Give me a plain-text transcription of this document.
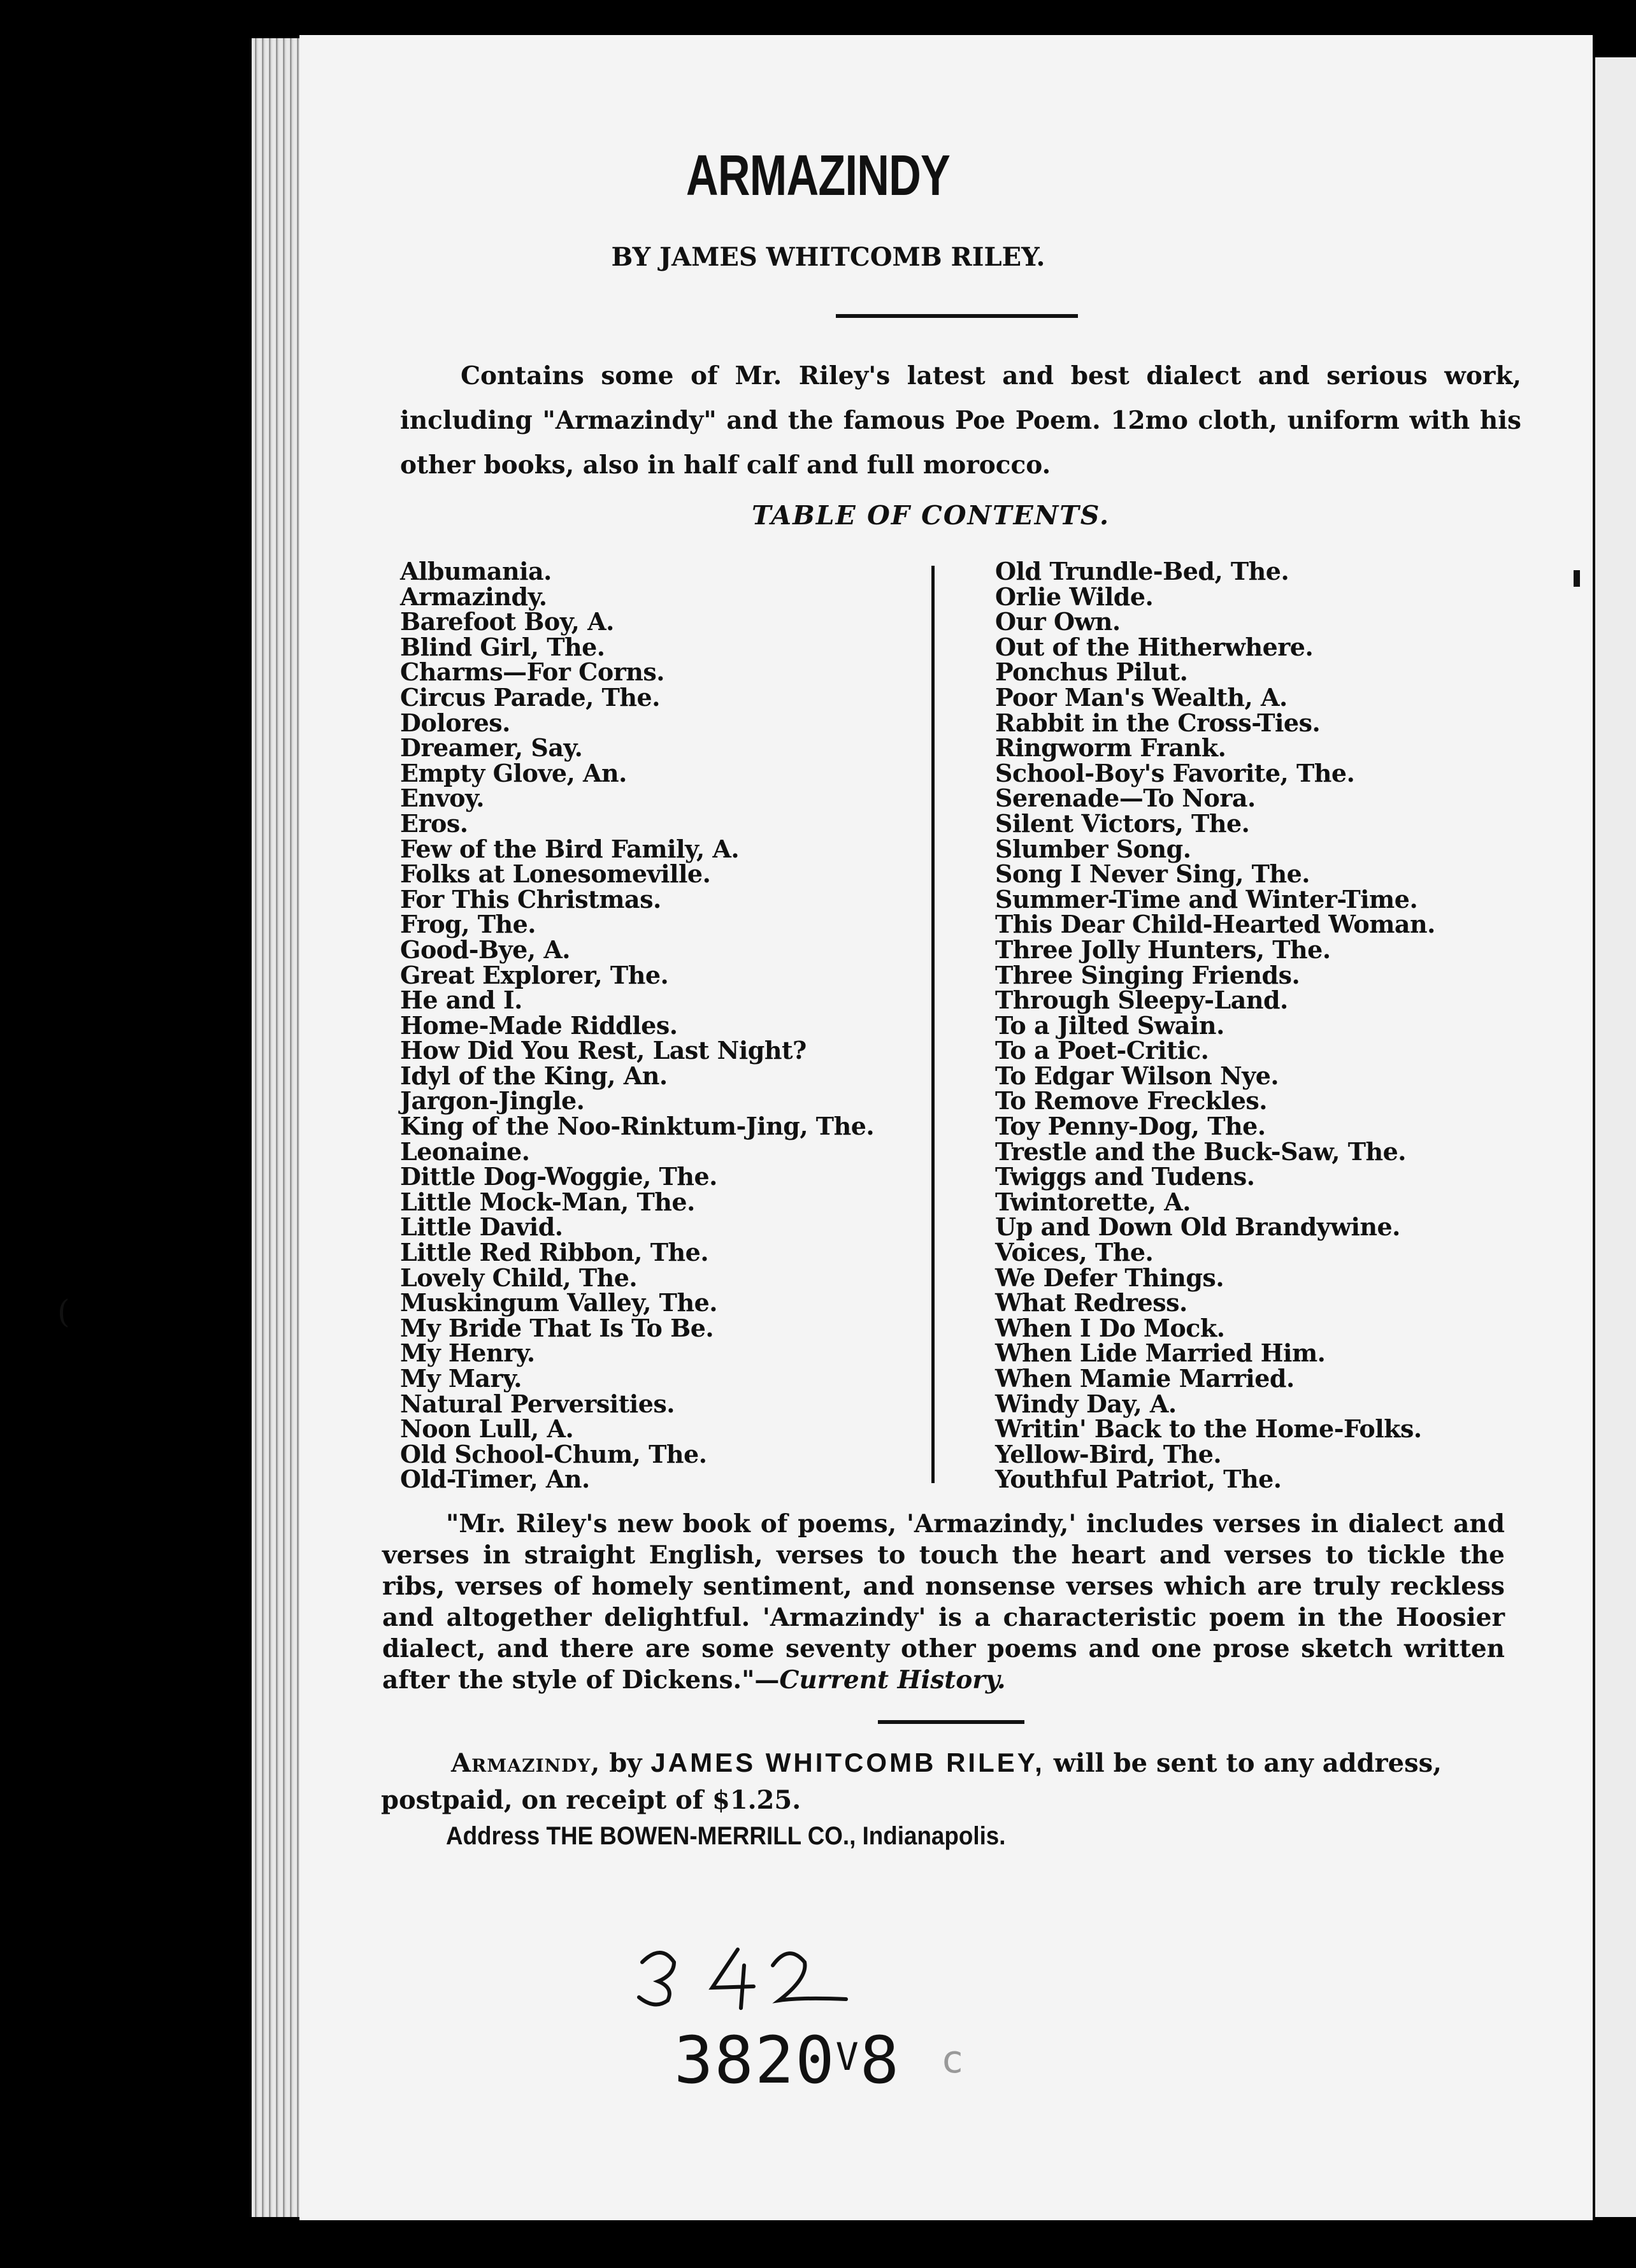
(
ARMAZINDY
BY JAMES WHITCOMB RILEY.
Contains some of Mr. Riley's latest and best dialect and serious work, including "Armazindy" and the famous Poe Poem. 12mo cloth, uniform with his other books, also in half calf and full morocco.
TABLE OF CONTENTS.
Albumania.
Armazindy.
Barefoot Boy, A.
Blind Girl, The.
Charms—For Corns.
Circus Parade, The.
Dolores.
Dreamer, Say.
Empty Glove, An.
Envoy.
Eros.
Few of the Bird Family, A.
Folks at Lonesomeville.
For This Christmas.
Frog, The.
Good-Bye, A.
Great Explorer, The.
He and I.
Home-Made Riddles.
How Did You Rest, Last Night?
Idyl of the King, An.
Jargon-Jingle.
King of the Noo-Rinktum-Jing, The.
Leonaine.
Dittle Dog-Woggie, The.
Little Mock-Man, The.
Little David.
Little Red Ribbon, The.
Lovely Child, The.
Muskingum Valley, The.
My Bride That Is To Be.
My Henry.
My Mary.
Natural Perversities.
Noon Lull, A.
Old School-Chum, The.
Old-Timer, An.
Old Trundle-Bed, The.
Orlie Wilde.
Our Own.
Out of the Hitherwhere.
Ponchus Pilut.
Poor Man's Wealth, A.
Rabbit in the Cross-Ties.
Ringworm Frank.
School-Boy's Favorite, The.
Serenade—To Nora.
Silent Victors, The.
Slumber Song.
Song I Never Sing, The.
Summer-Time and Winter-Time.
This Dear Child-Hearted Woman.
Three Jolly Hunters, The.
Three Singing Friends.
Through Sleepy-Land.
To a Jilted Swain.
To a Poet-Critic.
To Edgar Wilson Nye.
To Remove Freckles.
Toy Penny-Dog, The.
Trestle and the Buck-Saw, The.
Twiggs and Tudens.
Twintorette, A.
Up and Down Old Brandywine.
Voices, The.
We Defer Things.
What Redress.
When I Do Mock.
When Lide Married Him.
When Mamie Married.
Windy Day, A.
Writin' Back to the Home-Folks.
Yellow-Bird, The.
Youthful Patriot, The.
"Mr. Riley's new book of poems, 'Armazindy,' includes verses in dialect and verses in straight English, verses to touch the heart and verses to tickle the ribs, verses of homely sentiment, and nonsense verses which are truly reckless and altogether delightful. 'Armazindy' is a characteristic poem in the Hoosier dialect, and there are some seventy other poems and one prose sketch written after the style of Dickens."—Current History.
Armazindy, by JAMES WHITCOMB RILEY, will be sent to any address, postpaid, on receipt of $1.25.
Address THE BOWEN-MERRILL CO., Indianapolis.
3820V8 c
